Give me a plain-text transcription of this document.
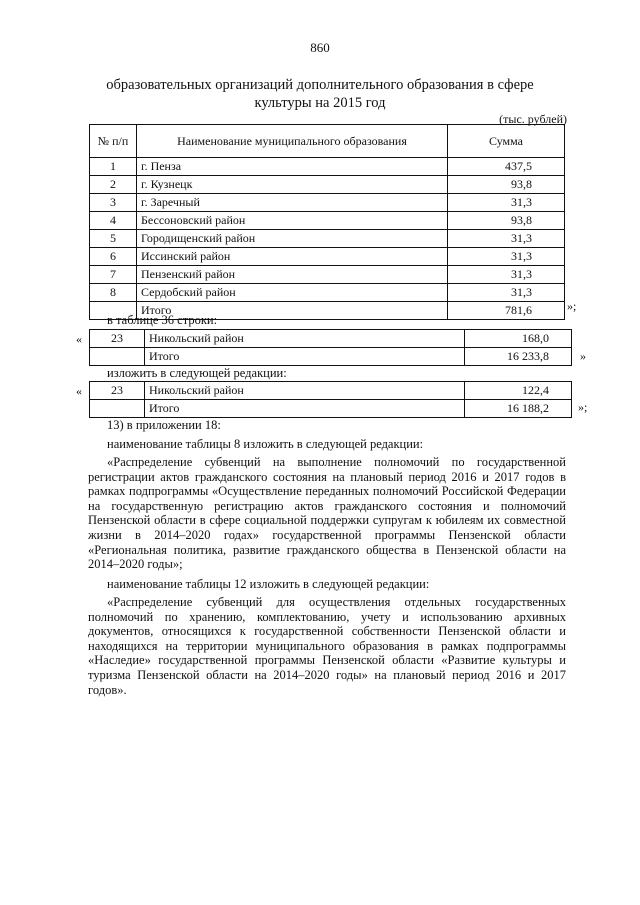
860
образовательных организаций дополнительного образования в сфере культуры на 2015 год
(тыс. рублей)
№ п/п	Наименование муниципального образования	Сумма
1	г. Пенза	437,5
2	г. Кузнецк	93,8
3	г. Заречный	31,3
4	Бессоновский район	93,8
5	Городищенский район	31,3
6	Иссинский район	31,3
7	Пензенский район	31,3
8	Сердобский район	31,3
	Итого	781,6	»;
в таблице 36 строки:
« 23	Никольский район	168,0
	Итого	16 233,8	»
изложить в следующей редакции:
« 23	Никольский район	122,4
	Итого	16 188,2 »;
13) в приложении 18:
наименование таблицы 8 изложить в следующей редакции:
«Распределение субвенций на выполнение полномочий по государственной регистрации актов гражданского состояния на плановый период 2016 и 2017 годов в рамках подпрограммы «Осуществление переданных полномочий Российской Федерации на государственную регистрацию актов гражданского состояния и полномочий Пензенской области в сфере социальной поддержки супругам к юбилеям их совместной жизни в 2014–2020 годах» государственной программы Пензенской области «Региональная политика, развитие гражданского общества в Пензенской области на 2014–2020 годы»;
наименование таблицы 12 изложить в следующей редакции:
«Распределение субвенций для осуществления отдельных государственных полномочий по хранению, комплектованию, учету и использованию архивных документов, относящихся к государственной собственности Пензенской области и находящихся на территории муниципального образования в рамках подпрограммы «Наследие» государственной программы Пензенской области «Развитие культуры и туризма Пензенской области на 2014–2020 годы» на плановый период 2016 и 2017 годов».
